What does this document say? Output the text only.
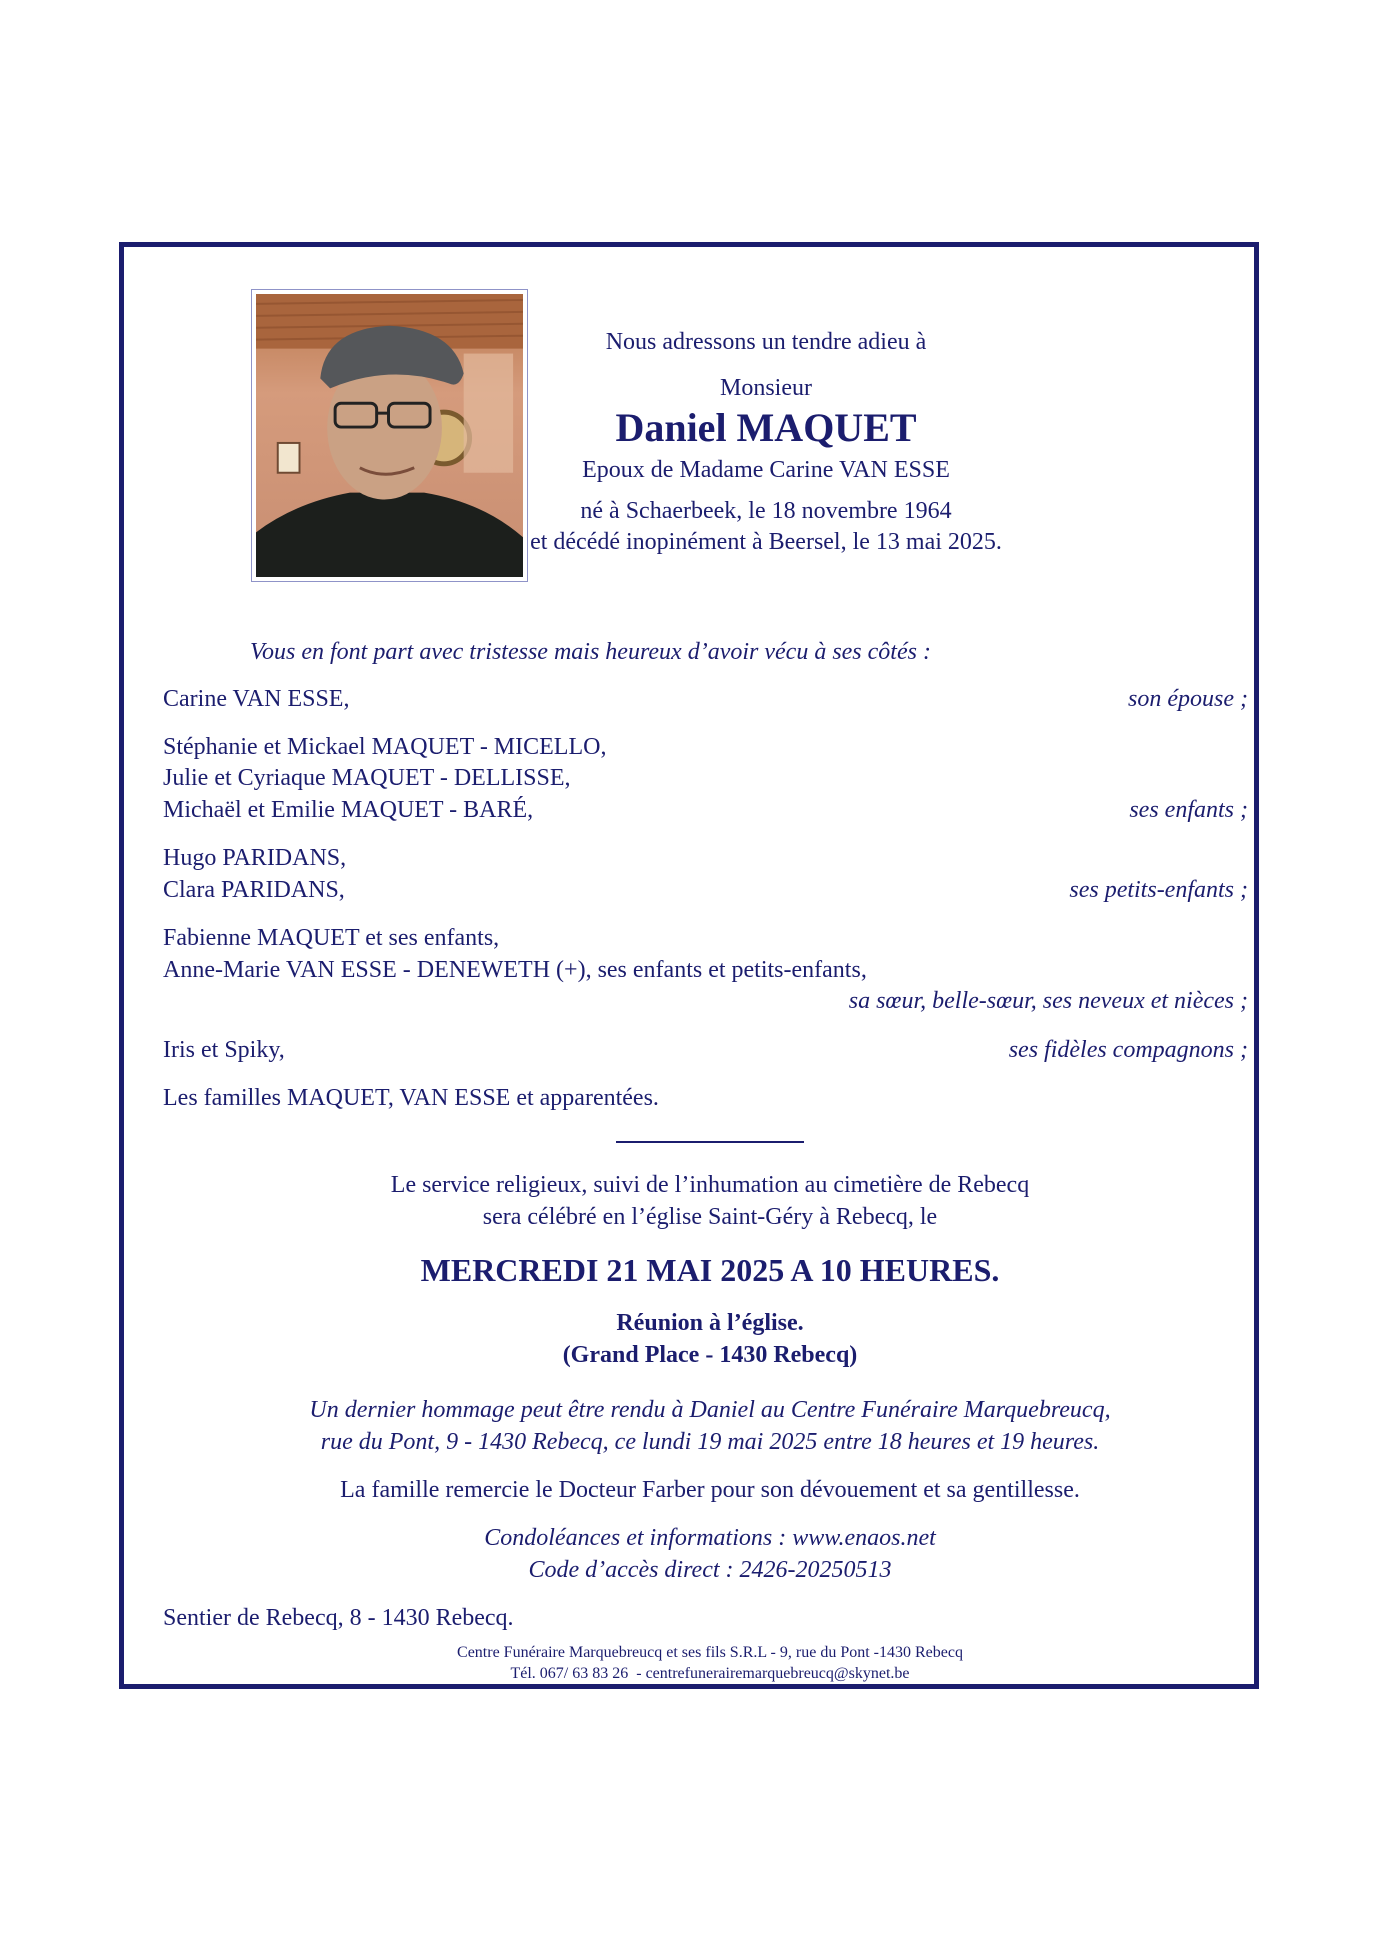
Nous adressons un tendre adieu à
Monsieur
Daniel MAQUET
Epoux de Madame Carine VAN ESSE
né à Schaerbeek, le 18 novembre 1964
et décédé inopinément à Beersel, le 13 mai 2025.
Vous en font part avec tristesse mais heureux d’avoir vécu à ses côtés :
Carine VAN ESSE,	son épouse ;
Stéphanie et Mickael MAQUET - MICELLO,
Julie et Cyriaque MAQUET - DELLISSE,
Michaël et Emilie MAQUET - BARÉ,	ses enfants ;
Hugo PARIDANS,
Clara PARIDANS,	ses petits-enfants ;
Fabienne MAQUET et ses enfants,
Anne-Marie VAN ESSE - DENEWETH (+), ses enfants et petits-enfants,
sa sœur, belle-sœur, ses neveux et nièces ;
Iris et Spiky,	ses fidèles compagnons ;
Les familles MAQUET, VAN ESSE et apparentées.
Le service religieux, suivi de l’inhumation au cimetière de Rebecq
sera célébré en l’église Saint-Géry à Rebecq, le
MERCREDI 21 MAI 2025 A 10 HEURES.
Réunion à l’église.
(Grand Place - 1430 Rebecq)
Un dernier hommage peut être rendu à Daniel au Centre Funéraire Marquebreucq,
rue du Pont, 9 - 1430 Rebecq, ce lundi 19 mai 2025 entre 18 heures et 19 heures.
La famille remercie le Docteur Farber pour son dévouement et sa gentillesse.
Condoléances et informations : www.enaos.net
Code d’accès direct : 2426-20250513
Sentier de Rebecq, 8 - 1430 Rebecq.
Centre Funéraire Marquebreucq et ses fils S.R.L - 9, rue du Pont -1430 Rebecq
Tél. 067/ 63 83 26  - centrefunerairemarquebreucq@skynet.be
